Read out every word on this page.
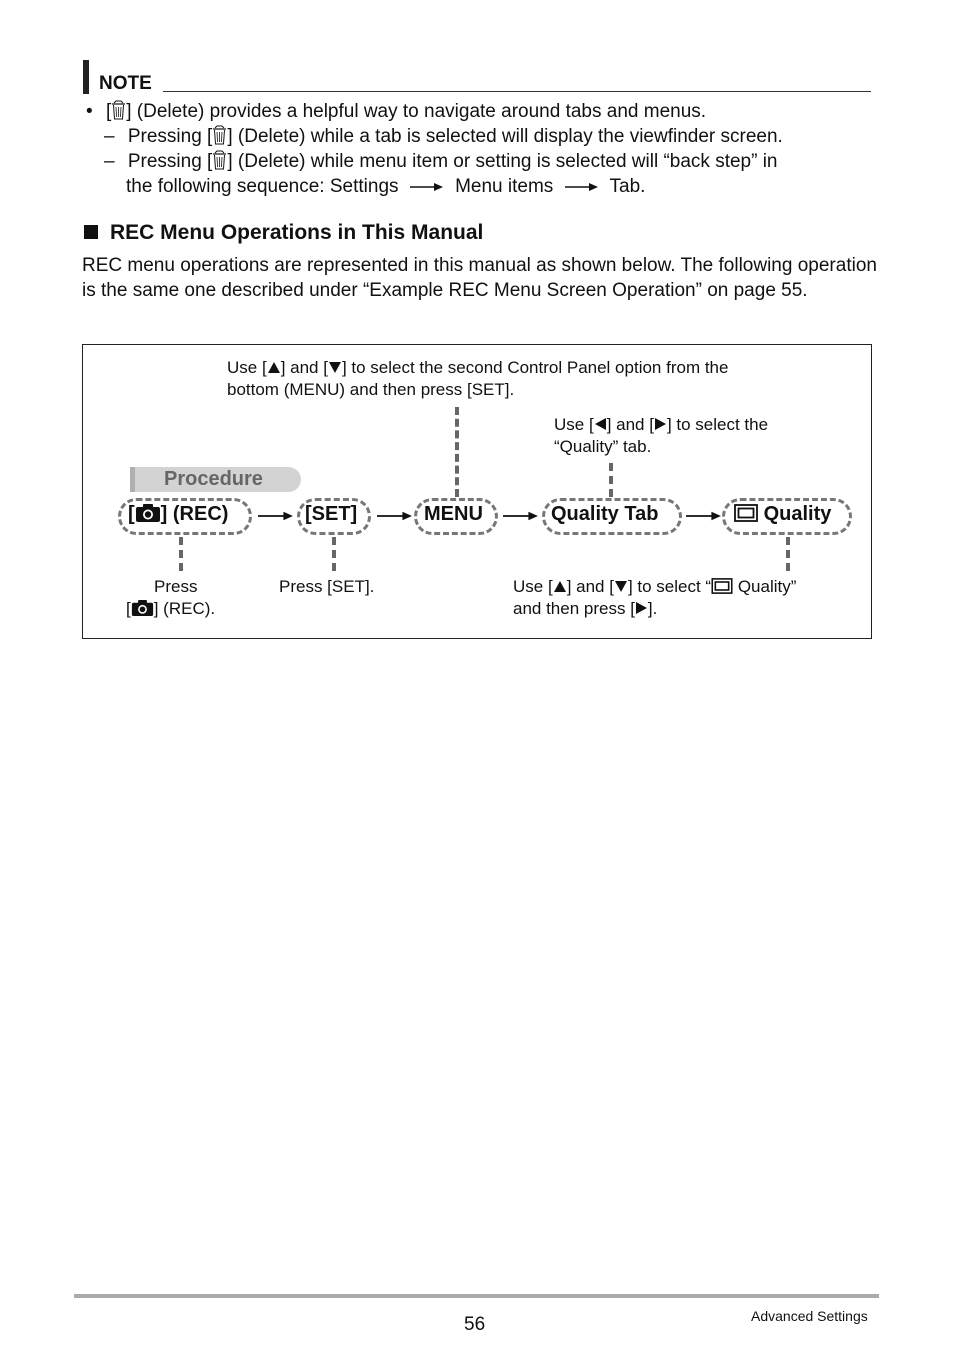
NOTE
• [ ] (Delete) provides a helpful way to navigate around tabs and menus.
– Pressing [ ] (Delete) while a tab is selected will display the viewfinder screen.
– Pressing [ ] (Delete) while menu item or setting is selected will “back step” in
the following sequence: Settings	Menu items	Tab.
REC Menu Operations in This Manual
REC menu operations are represented in this manual as shown below. The following operation is the same one described under “Example REC Menu Screen Operation” on page 55.
Use [ ] and [ ] to select the second Control Panel option from the
bottom (MENU) and then press [SET].
Use [ ] and [ ] to select the
“Quality” tab.
Procedure
[ ] (REC)	[SET]	MENU	Quality Tab	Quality
Press
[ ] (REC).
Press [SET].	Use [ ] and [ ] to select “ Quality”
and then press [ ].
56	Advanced Settings
